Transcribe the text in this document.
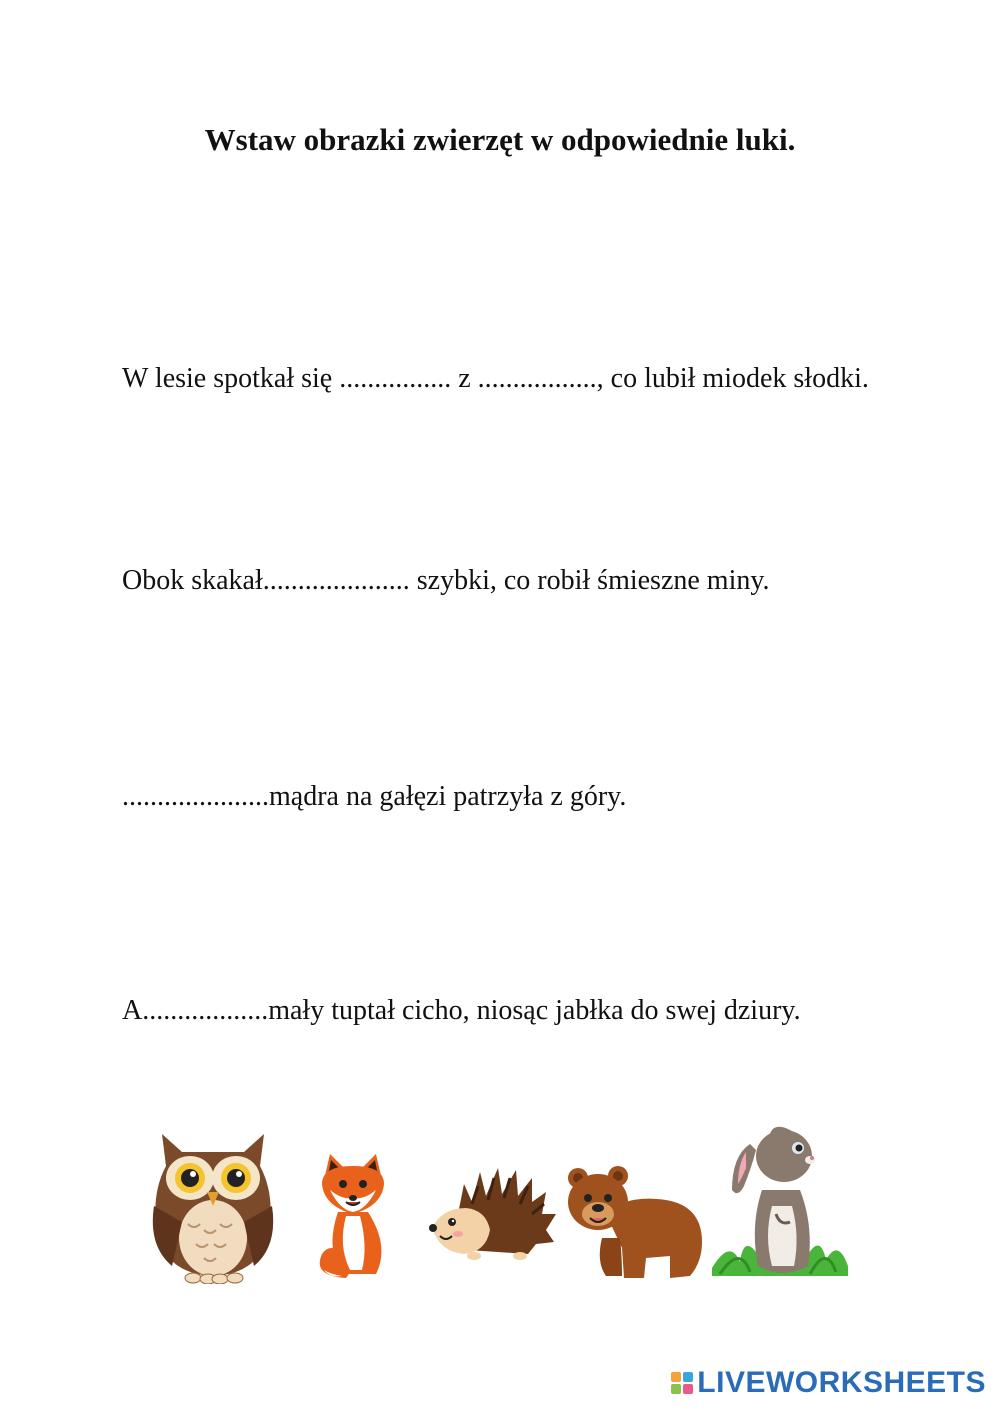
Wstaw obrazki zwierzęt w odpowiednie luki.
W lesie spotkał się ................ z ................., co lubił miodek słodki.
Obok skakał..................... szybki, co robił śmieszne miny.
.....................mądra na gałęzi patrzyła z góry.
A..................mały tuptał cicho, niosąc jabłka do swej dziury.
LIVEWORKSHEETS
